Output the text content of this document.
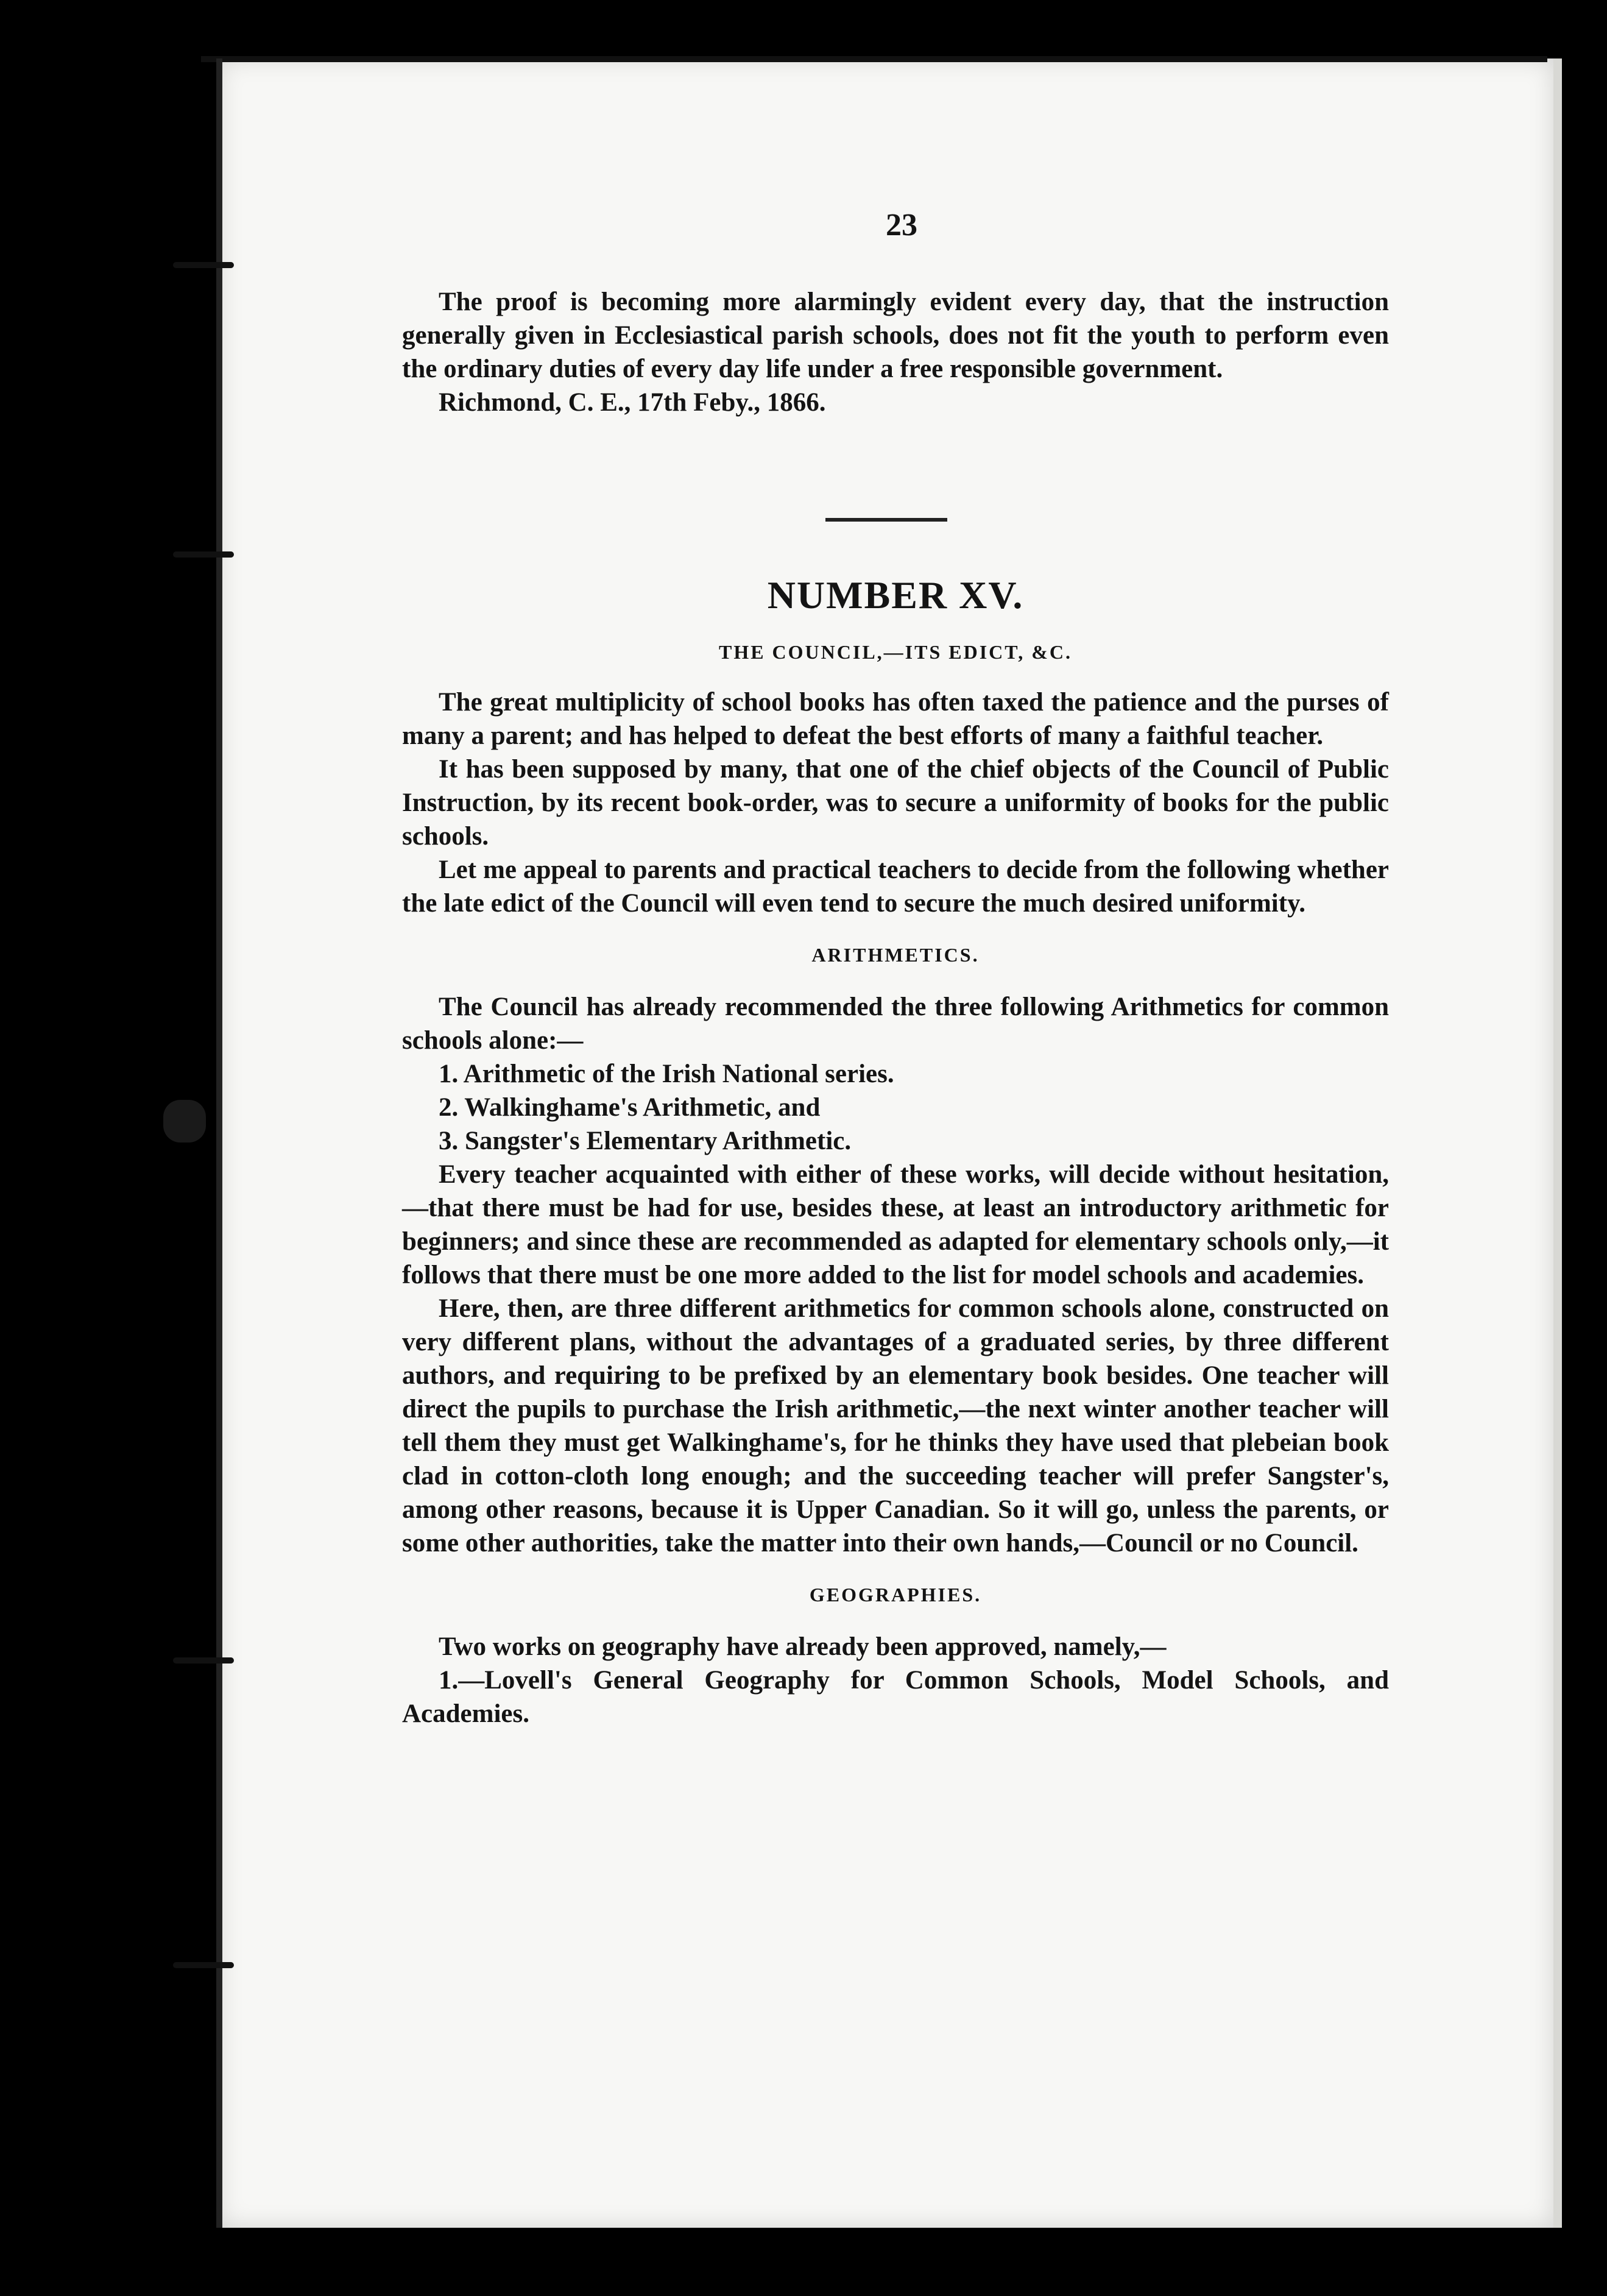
23

The proof is becoming more alarmingly evident every day, that the instruction generally given in Ecclesiastical parish schools, does not fit the youth to perform even the ordinary duties of every day life under a free responsible government.

Richmond, C. E., 17th Feby., 1866.

NUMBER XV.
THE COUNCIL,—ITS EDICT, &C.

The great multiplicity of school books has often taxed the patience and the purses of many a parent; and has helped to defeat the best efforts of many a faithful teacher.

It has been supposed by many, that one of the chief objects of the Council of Public Instruction, by its recent book-order, was to secure a uniformity of books for the public schools.

Let me appeal to parents and practical teachers to decide from the following whether the late edict of the Council will even tend to secure the much desired uniformity.

ARITHMETICS.

The Council has already recommended the three following Arithmetics for common schools alone:—

1. Arithmetic of the Irish National series.

2. Walkinghame's Arithmetic, and

3. Sangster's Elementary Arithmetic.

Every teacher acquainted with either of these works, will decide without hesitation,—that there must be had for use, besides these, at least an introductory arithmetic for beginners; and since these are recommended as adapted for elementary schools only,—it follows that there must be one more added to the list for model schools and academies.

Here, then, are three different arithmetics for common schools alone, constructed on very different plans, without the advantages of a graduated series, by three different authors, and requiring to be prefixed by an elementary book besides. One teacher will direct the pupils to purchase the Irish arithmetic,—the next winter another teacher will tell them they must get Walkinghame's, for he thinks they have used that plebeian book clad in cotton-cloth long enough; and the succeeding teacher will prefer Sangster's, among other reasons, because it is Upper Canadian. So it will go, unless the parents, or some other authorities, take the matter into their own hands,—Council or no Council.

GEOGRAPHIES.

Two works on geography have already been approved, namely,—

1.—Lovell's General Geography for Common Schools, Model Schools, and Academies.
